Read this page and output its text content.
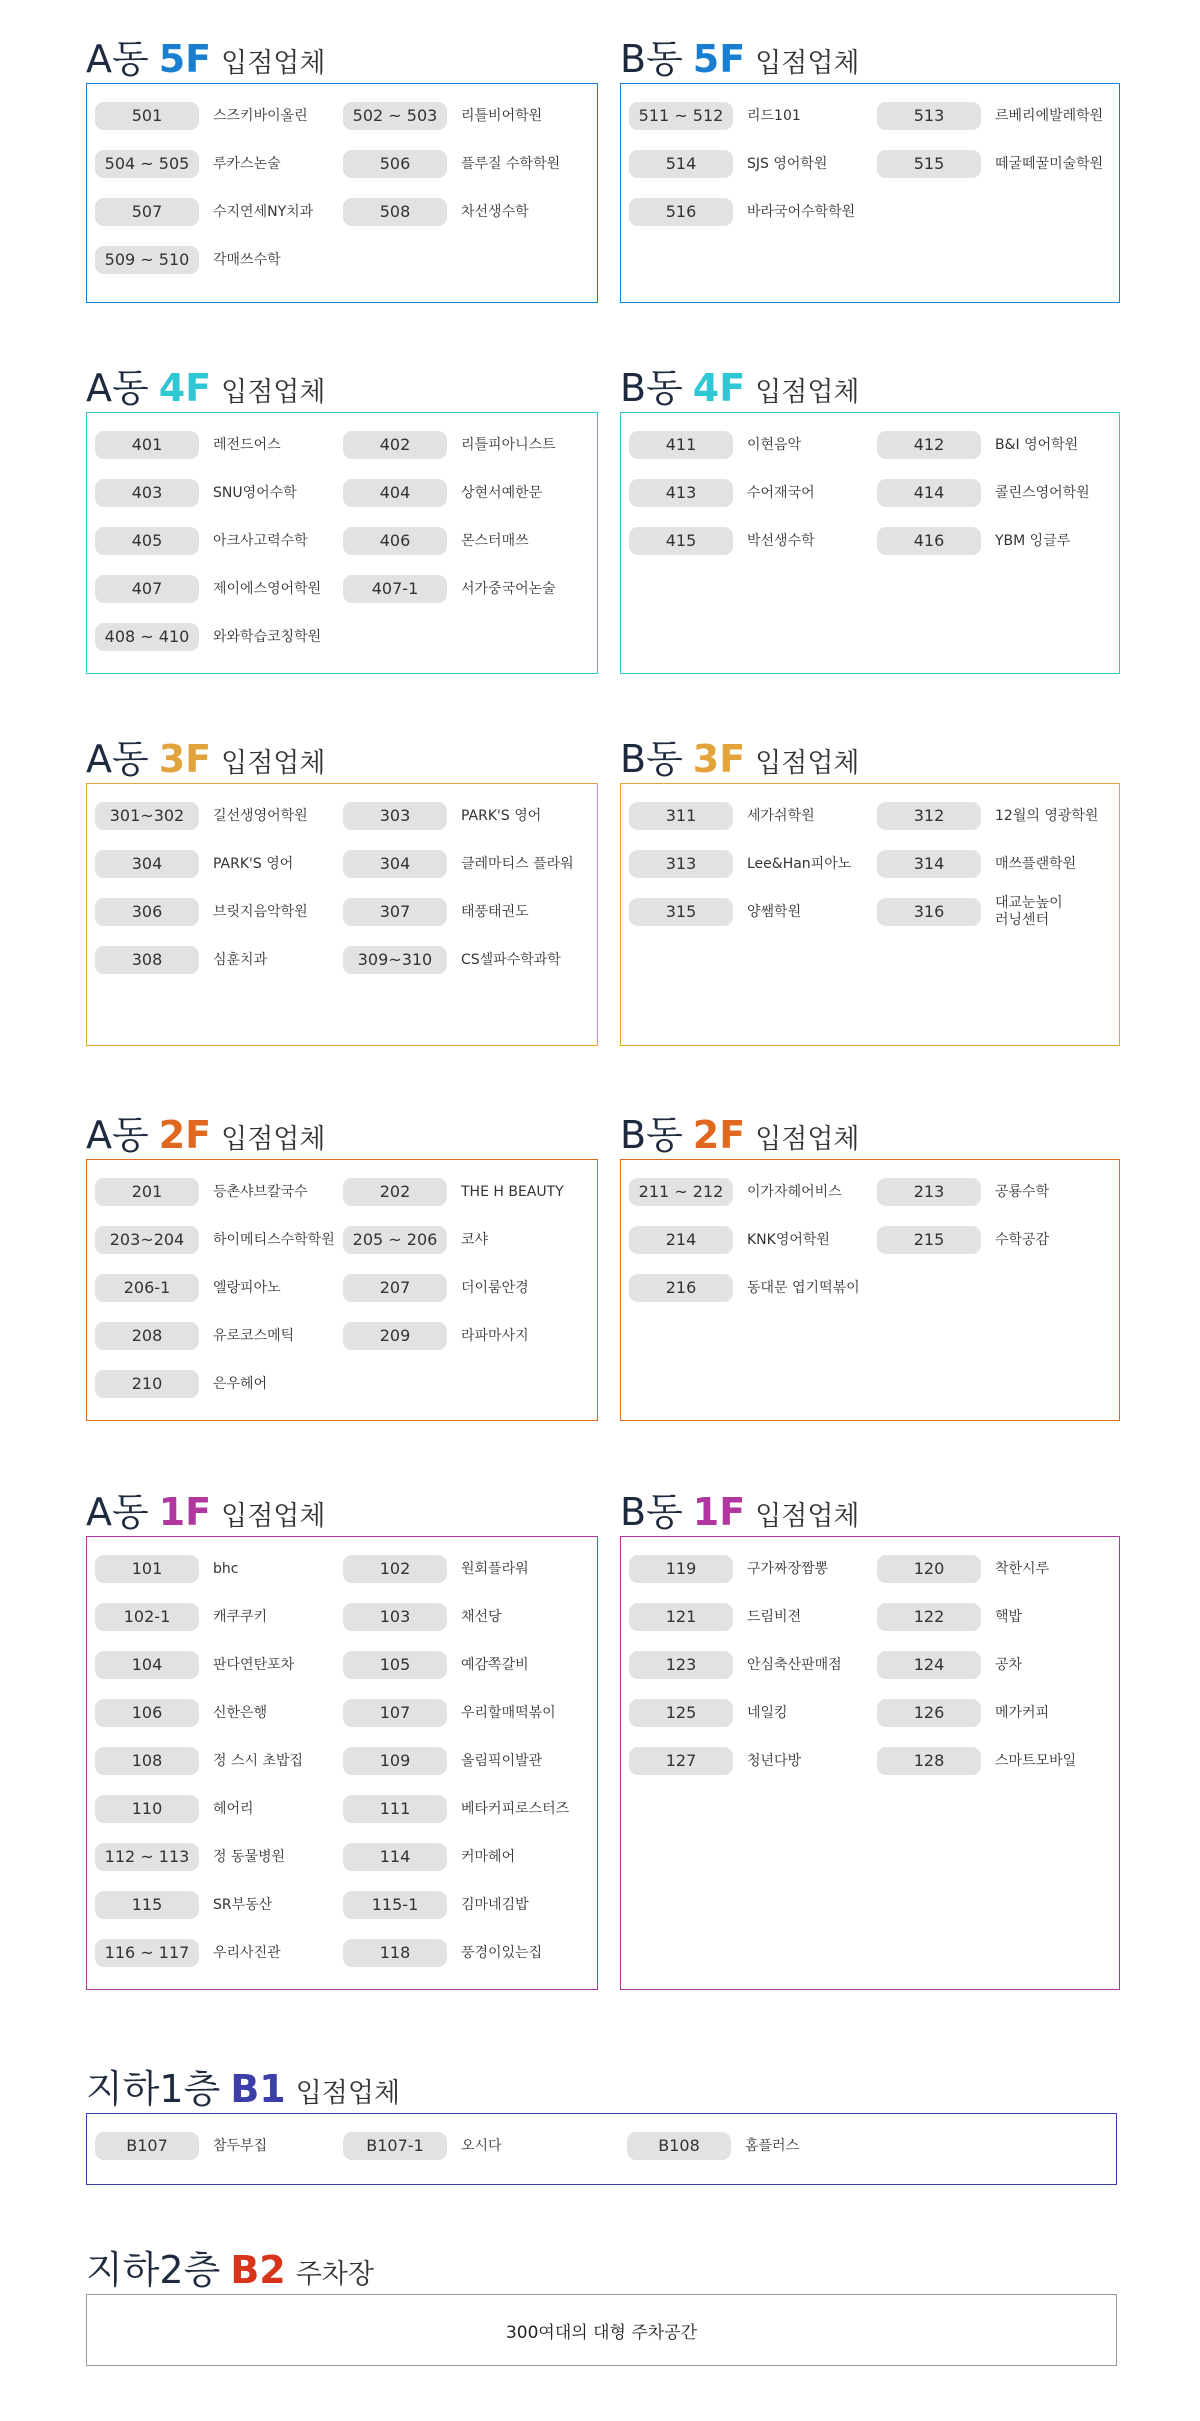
A동 5F 입점업체
501	스즈키바이올린	502 ~ 503	리틀비어학원
504 ~ 505	루카스논술	506	플루질 수학학원
507	수지연세NY치과	508	차선생수학
509 ~ 510	각매쓰수학
B동 5F 입점업체
511 ~ 512	리드101	513	르베리에발레학원
514	SJS 영어학원	515	떼굴떼꿀미술학원
516	바라국어수학학원
A동 4F 입점업체
401	레전드어스	402	리틀피아니스트
403	SNU영어수학	404	상현서예한문
405	아크사고력수학	406	몬스터매쓰
407	제이에스영어학원	407-1	서가중국어논술
408 ~ 410	와와학습코칭학원
B동 4F 입점업체
411	이현음악	412	B&I 영어학원
413	수어재국어	414	콜린스영어학원
415	박선생수학	416	YBM 잉글루
A동 3F 입점업체
301~302	길선생영어학원	303	PARK'S 영어
304	PARK'S 영어	304	클레마티스 플라워
306	브릿지음악학원	307	태풍태권도
308	심훈치과	309~310	CS셀파수학과학
B동 3F 입점업체
311	세가쉬학원	312	12월의 영광학원
313	Lee&Han피아노	314	매쓰플랜학원
315	양쌤학원	316	대교눈높이
러닝센터
A동 2F 입점업체
201	등촌샤브칼국수	202	THE H BEAUTY
203~204	하이메티스수학학원	205 ~ 206	코샤
206-1	엘랑피아노	207	더이룸안경
208	유로코스메틱	209	라파마사지
210	은우헤어
B동 2F 입점업체
211 ~ 212	이가자헤어비스	213	공룡수학
214	KNK영어학원	215	수학공감
216	동대문 엽기떡볶이
A동 1F 입점업체
101	bhc	102	원회플라워
102-1	캐쿠쿠키	103	채선당
104	판다연탄포차	105	예감쪽갈비
106	신한은행	107	우리할매떡볶이
108	정 스시 초밥집	109	올림픽이발관
110	헤어리	111	베타커피로스터즈
112 ~ 113	정 동물병원	114	커마헤어
115	SR부동산	115-1	김마네김밥
116 ~ 117	우리사진관	118	풍경이있는집
B동 1F 입점업체
119	구가짜장짬뽕	120	착한시루
121	드림비젼	122	핵밥
123	안심축산판매점	124	공차
125	네일킹	126	메가커피
127	청년다방	128	스마트모바일
지하1층 B1 입점업체
B107	참두부집	B107-1	오시다	B108	홈플러스
지하2층 B2 주차장
300여대의 대형 주차공간
